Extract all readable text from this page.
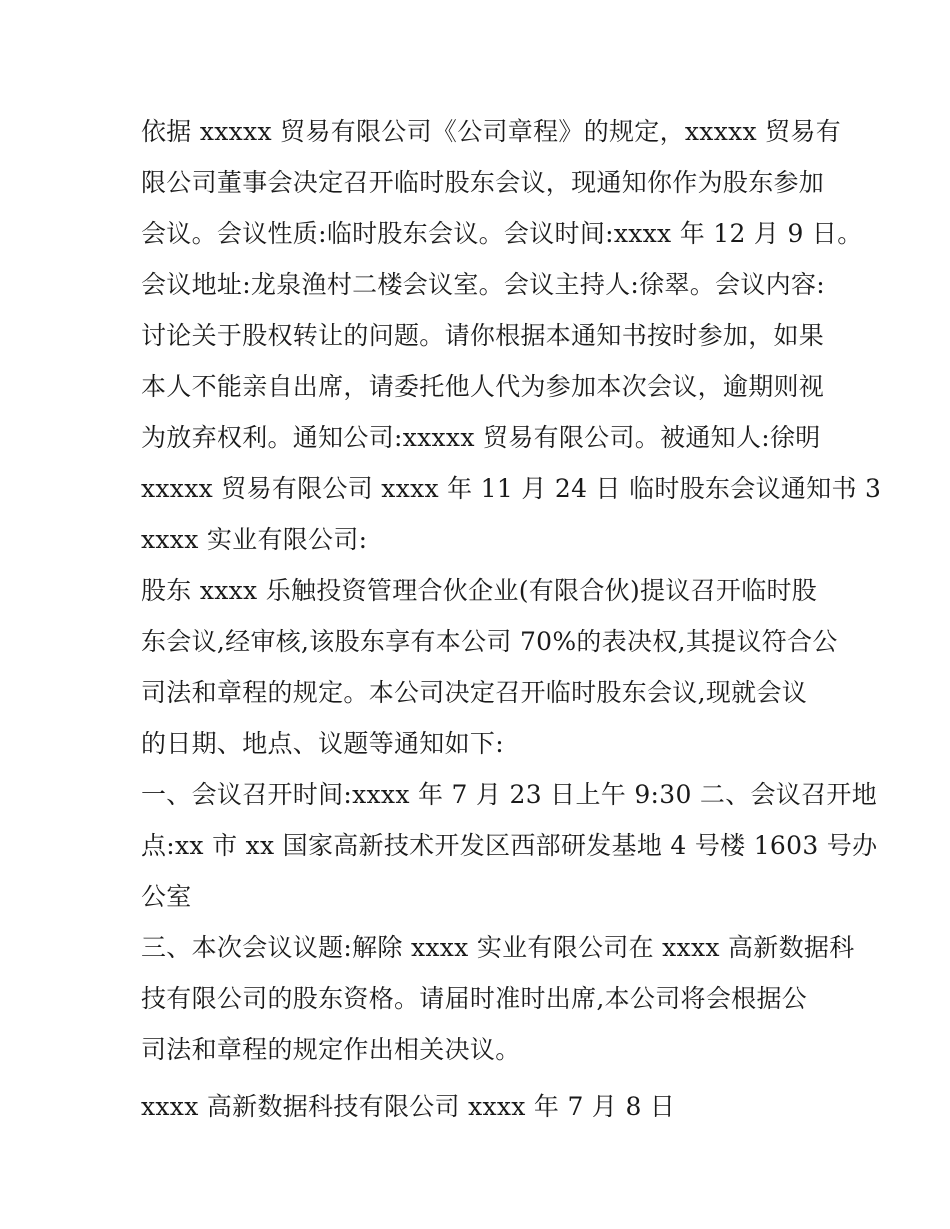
依据 xxxxx 贸易有限公司《公司章程》的规定，xxxxx 贸易有
限公司董事会决定召开临时股东会议，现通知你作为股东参加
会议。会议性质:临时股东会议。会议时间:xxxx 年 12 月 9 日。
会议地址:龙泉渔村二楼会议室。会议主持人:徐翠。会议内容:
讨论关于股权转让的问题。请你根据本通知书按时参加，如果
本人不能亲自出席，请委托他人代为参加本次会议，逾期则视
为放弃权利。通知公司:xxxxx 贸易有限公司。被通知人:徐明
xxxxx 贸易有限公司 xxxx 年 11 月 24 日 临时股东会议通知书 3
xxxx 实业有限公司:
股东 xxxx 乐触投资管理合伙企业(有限合伙)提议召开临时股
东会议,经审核,该股东享有本公司 70%的表决权,其提议符合公
司法和章程的规定。本公司决定召开临时股东会议,现就会议
的日期、地点、议题等通知如下:
一、会议召开时间:xxxx 年 7 月 23 日上午 9:30 二、会议召开地
点:xx 市 xx 国家高新技术开发区西部研发基地 4 号楼 1603 号办
公室
三、本次会议议题:解除 xxxx 实业有限公司在 xxxx 高新数据科
技有限公司的股东资格。请届时准时出席,本公司将会根据公
司法和章程的规定作出相关决议。
xxxx 高新数据科技有限公司 xxxx 年 7 月 8 日
